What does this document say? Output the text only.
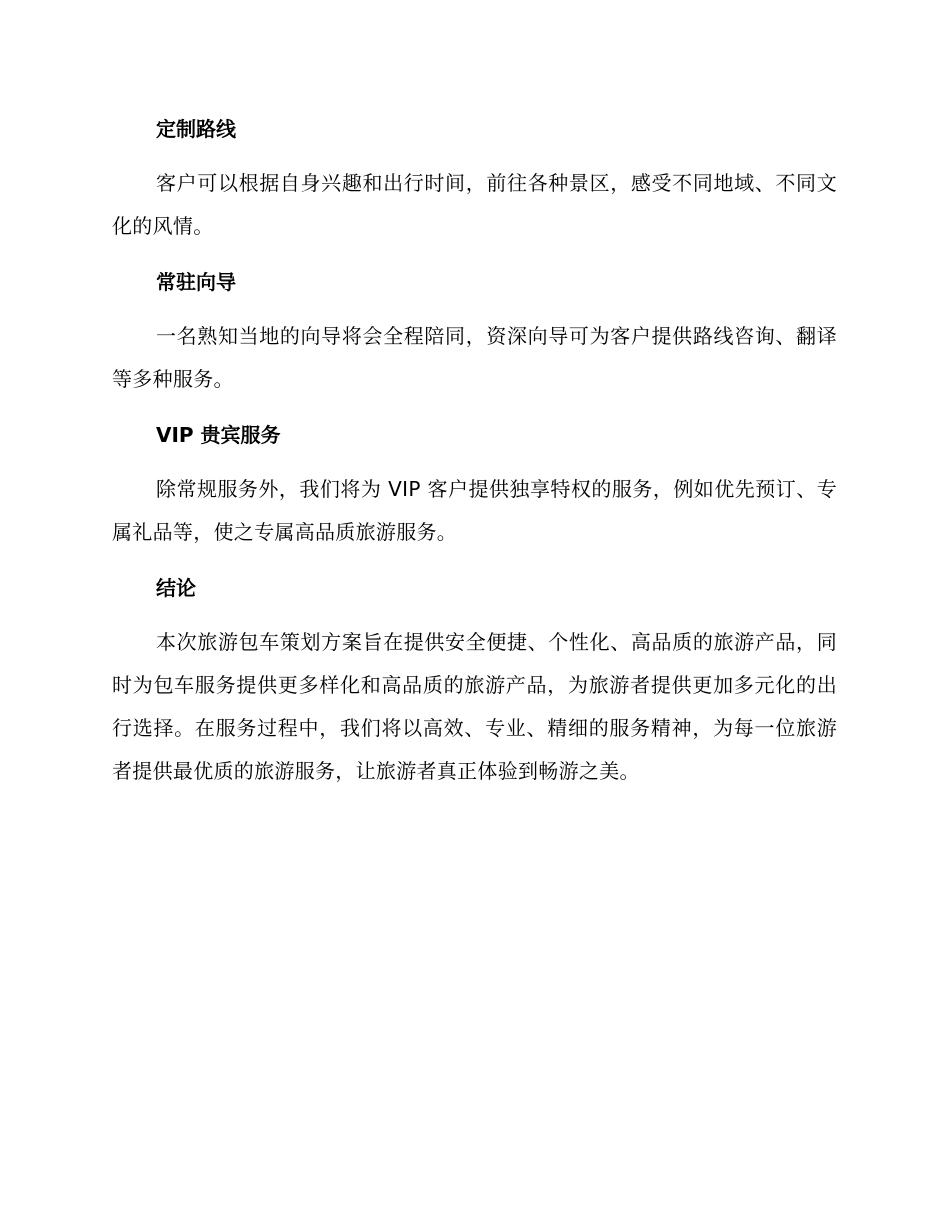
定制路线

客户可以根据自身兴趣和出行时间，前往各种景区，感受不同地域、不同文化的风情。

常驻向导

一名熟知当地的向导将会全程陪同，资深向导可为客户提供路线咨询、翻译等多种服务。

VIP 贵宾服务

除常规服务外，我们将为 VIP 客户提供独享特权的服务，例如优先预订、专属礼品等，使之专属高品质旅游服务。

结论

本次旅游包车策划方案旨在提供安全便捷、个性化、高品质的旅游产品，同时为包车服务提供更多样化和高品质的旅游产品，为旅游者提供更加多元化的出行选择。在服务过程中，我们将以高效、专业、精细的服务精神，为每一位旅游者提供最优质的旅游服务，让旅游者真正体验到畅游之美。
